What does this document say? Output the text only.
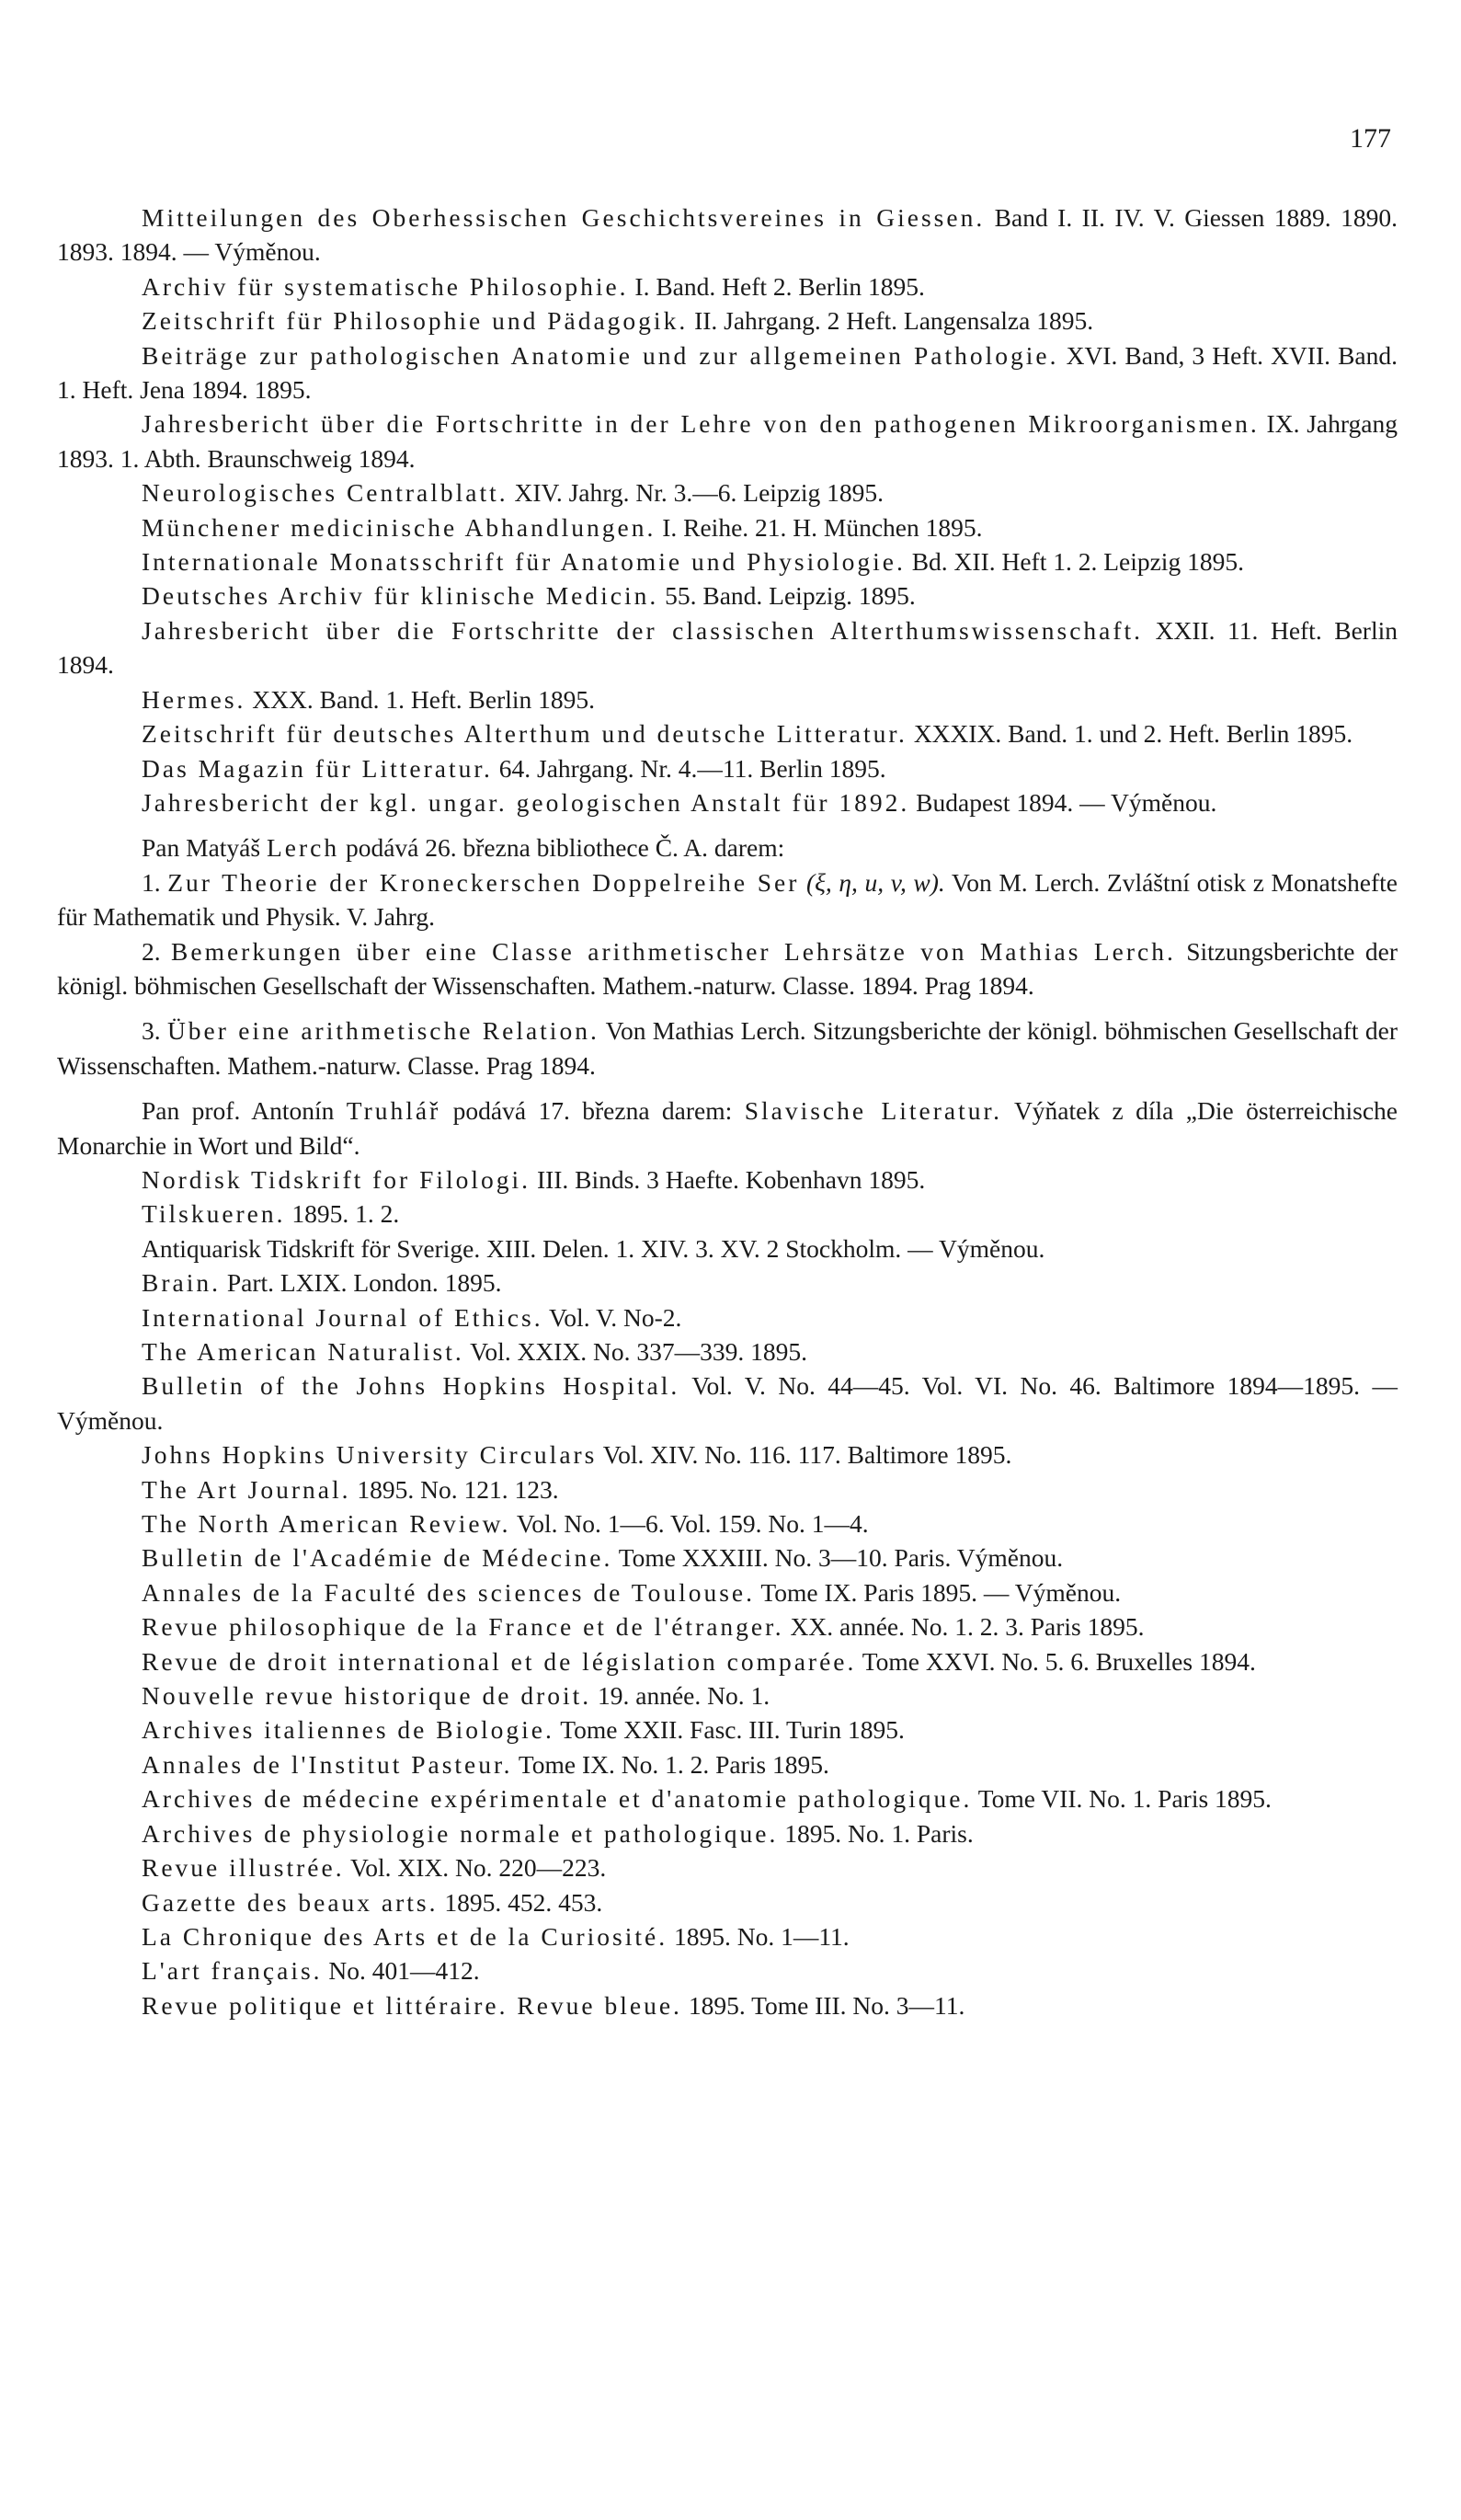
177

Mitteilungen des Oberhessischen Geschichtsvereines in Giessen. Band I. II. IV. V. Giessen 1889. 1890. 1893. 1894. — Výměnou.

Archiv für systematische Philosophie. I. Band. Heft 2. Berlin 1895.

Zeitschrift für Philosophie und Pädagogik. II. Jahrgang. 2 Heft. Langensalza 1895.

Beiträge zur pathologischen Anatomie und zur allgemeinen Pathologie. XVI. Band, 3 Heft. XVII. Band. 1. Heft. Jena 1894. 1895.

Jahresbericht über die Fortschritte in der Lehre von den pathogenen Mikroorganismen. IX. Jahrgang 1893. 1. Abth. Braunschweig 1894.

Neurologisches Centralblatt. XIV. Jahrg. Nr. 3.—6. Leipzig 1895.

Münchener medicinische Abhandlungen. I. Reihe. 21. H. München 1895.

Internationale Monatsschrift für Anatomie und Physiologie. Bd. XII. Heft 1. 2. Leipzig 1895.

Deutsches Archiv für klinische Medicin. 55. Band. Leipzig. 1895.

Jahresbericht über die Fortschritte der classischen Alterthumswissenschaft. XXII. 11. Heft. Berlin 1894.

Hermes. XXX. Band. 1. Heft. Berlin 1895.

Zeitschrift für deutsches Alterthum und deutsche Litteratur. XXXIX. Band. 1. und 2. Heft. Berlin 1895.

Das Magazin für Litteratur. 64. Jahrgang. Nr. 4.—11. Berlin 1895.

Jahresbericht der kgl. ungar. geologischen Anstalt für 1892. Budapest 1894. — Výměnou.

Pan Matyáš Lerch podává 26. března bibliothece Č. A. darem:

1. Zur Theorie der Kroneckerschen Doppelreihe Ser (ξ, η, u, v, w). Von M. Lerch. Zvláštní otisk z Monatshefte für Mathematik und Physik. V. Jahrg.

2. Bemerkungen über eine Classe arithmetischer Lehrsätze von Mathias Lerch. Sitzungsberichte der königl. böhmischen Gesellschaft der Wissenschaften. Mathem.-naturw. Classe. 1894. Prag 1894.

3. Über eine arithmetische Relation. Von Mathias Lerch. Sitzungsberichte der königl. böhmischen Gesellschaft der Wissenschaften. Mathem.-naturw. Classe. Prag 1894.

Pan prof. Antonín Truhlář podává 17. března darem: Slavische Literatur. Výňatek z díla „Die österreichische Monarchie in Wort und Bild“.

Nordisk Tidskrift for Filologi. III. Binds. 3 Haefte. Kobenhavn 1895.

Tilskueren. 1895. 1. 2.

Antiquarisk Tidskrift för Sverige. XIII. Delen. 1. XIV. 3. XV. 2 Stockholm. — Výměnou.

Brain. Part. LXIX. London. 1895.

International Journal of Ethics. Vol. V. No-2.

The American Naturalist. Vol. XXIX. No. 337—339. 1895.

Bulletin of the Johns Hopkins Hospital. Vol. V. No. 44—45. Vol. VI. No. 46. Baltimore 1894—1895. — Výměnou.

Johns Hopkins University Circulars Vol. XIV. No. 116. 117. Baltimore 1895.

The Art Journal. 1895. No. 121. 123.

The North American Review. Vol. No. 1—6. Vol. 159. No. 1—4.

Bulletin de l'Académie de Médecine. Tome XXXIII. No. 3—10. Paris. Výměnou.

Annales de la Faculté des sciences de Toulouse. Tome IX. Paris 1895. — Výměnou.

Revue philosophique de la France et de l'étranger. XX. année. No. 1. 2. 3. Paris 1895.

Revue de droit international et de législation comparée. Tome XXVI. No. 5. 6. Bruxelles 1894.

Nouvelle revue historique de droit. 19. année. No. 1.

Archives italiennes de Biologie. Tome XXII. Fasc. III. Turin 1895.

Annales de l'Institut Pasteur. Tome IX. No. 1. 2. Paris 1895.

Archives de médecine expérimentale et d'anatomie pathologique. Tome VII. No. 1. Paris 1895.

Archives de physiologie normale et pathologique. 1895. No. 1. Paris.

Revue illustrée. Vol. XIX. No. 220—223.

Gazette des beaux arts. 1895. 452. 453.

La Chronique des Arts et de la Curiosité. 1895. No. 1—11.

L'art français. No. 401—412.

Revue politique et littéraire. Revue bleue. 1895. Tome III. No. 3—11.
